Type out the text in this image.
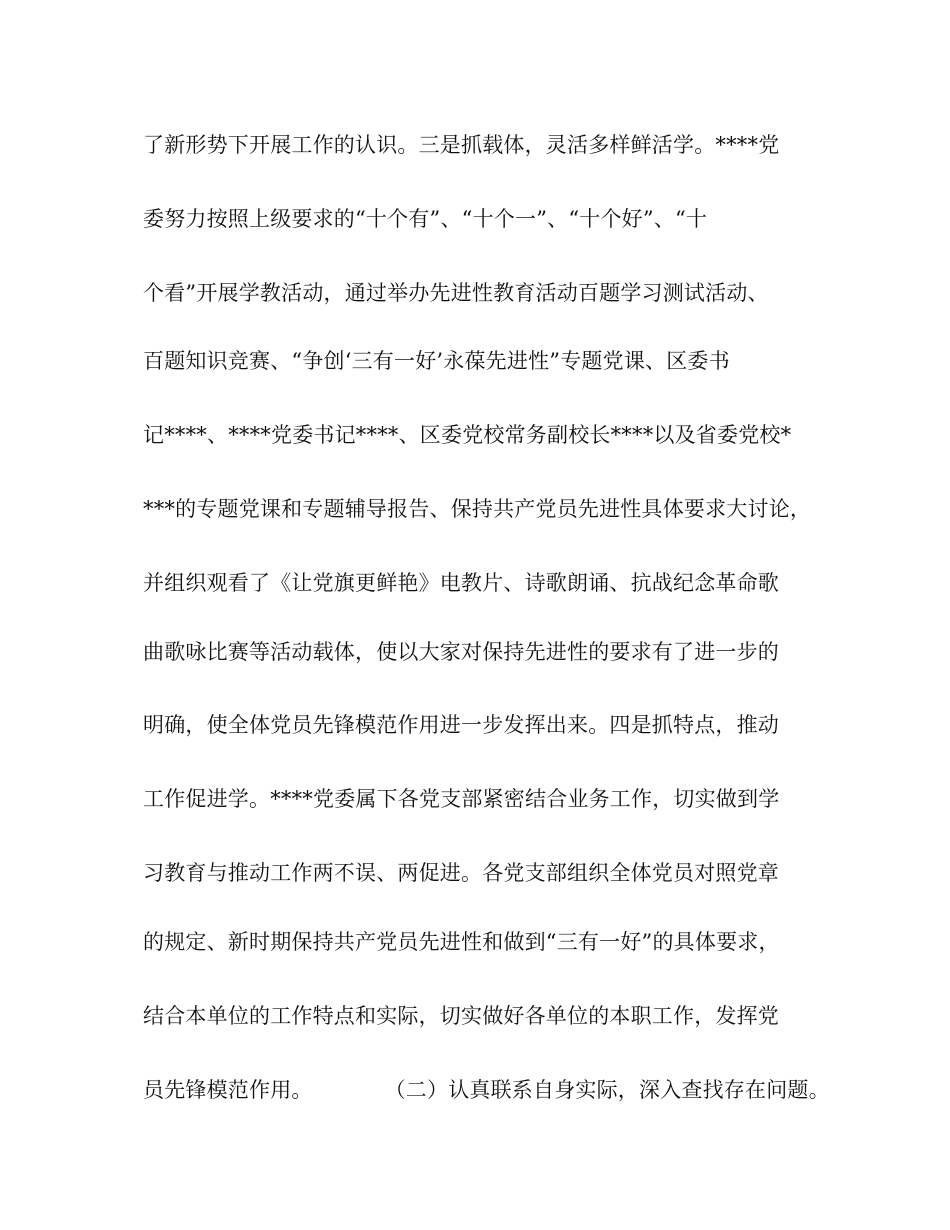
了新形势下开展工作的认识。三是抓载体，灵活多样鲜活学。****党
委努力按照上级要求的“十个有”、“十个一”、“十个好”、“十
个看”开展学教活动，通过举办先进性教育活动百题学习测试活动、
百题知识竞赛、“争创‘三有一好’永葆先进性”专题党课、区委书
记****、****党委书记****、区委党校常务副校长****以及省委党校*
***的专题党课和专题辅导报告、保持共产党员先进性具体要求大讨论，
并组织观看了《让党旗更鲜艳》电教片、诗歌朗诵、抗战纪念革命歌
曲歌咏比赛等活动载体，使以大家对保持先进性的要求有了进一步的
明确，使全体党员先锋模范作用进一步发挥出来。四是抓特点，推动
工作促进学。****党委属下各党支部紧密结合业务工作，切实做到学
习教育与推动工作两不误、两促进。各党支部组织全体党员对照党章
的规定、新时期保持共产党员先进性和做到“三有一好”的具体要求，
结合本单位的工作特点和实际，切实做好各单位的本职工作，发挥党
员先锋模范作用。	（二）认真联系自身实际，深入查找存在问题。
